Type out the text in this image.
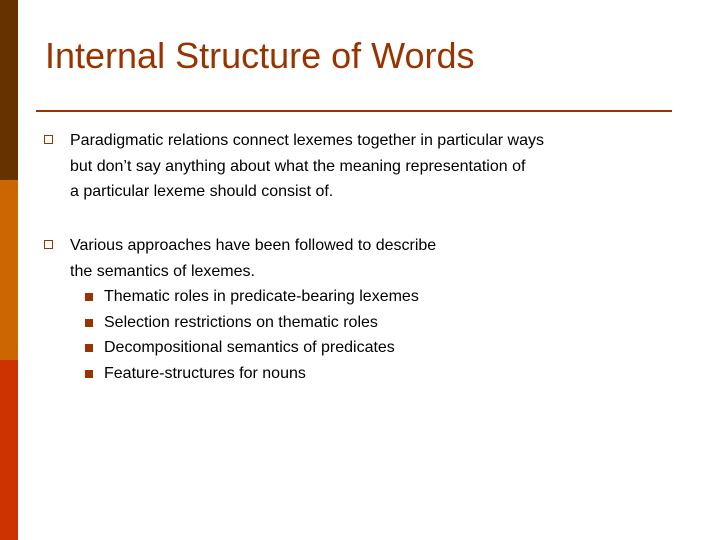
Internal Structure of Words
Paradigmatic relations connect lexemes together in particular ways
but don’t say anything about what the meaning representation of
a particular lexeme should consist of.
Various approaches have been followed to describe
the semantics of lexemes.
Thematic roles in predicate-bearing lexemes
Selection restrictions on thematic roles
Decompositional semantics of predicates
Feature-structures for nouns
